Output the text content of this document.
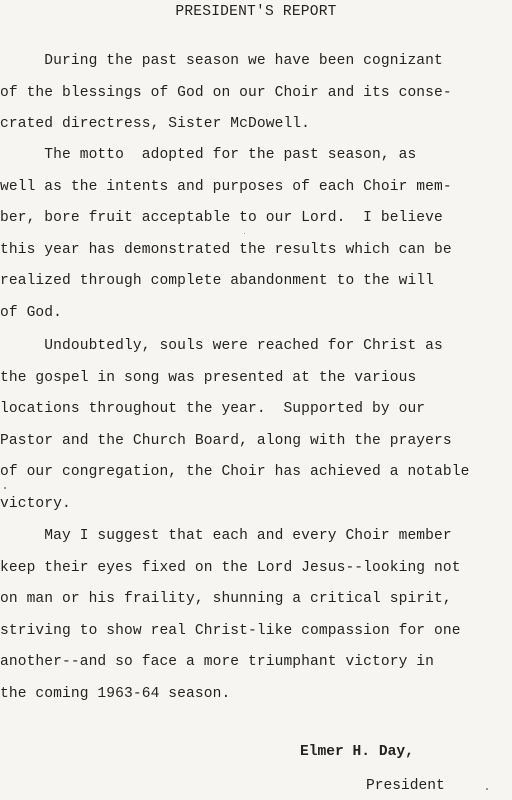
PRESIDENT'S REPORT
During the past season we have been cognizant
of the blessings of God on our Choir and its conse-
crated directress, Sister McDowell.
The motto  adopted for the past season, as
well as the intents and purposes of each Choir mem-
ber, bore fruit acceptable to our Lord.  I believe
this year has demonstrated the results which can be
realized through complete abandonment to the will
of God.
Undoubtedly, souls were reached for Christ as
the gospel in song was presented at the various
locations throughout the year.  Supported by our
Pastor and the Church Board, along with the prayers
of our congregation, the Choir has achieved a notable
victory.
May I suggest that each and every Choir member
keep their eyes fixed on the Lord Jesus--looking not
on man or his fraility, shunning a critical spirit,
striving to show real Christ-like compassion for one
another--and so face a more triumphant victory in
the coming 1963-64 season.
Elmer H. Day,
President
